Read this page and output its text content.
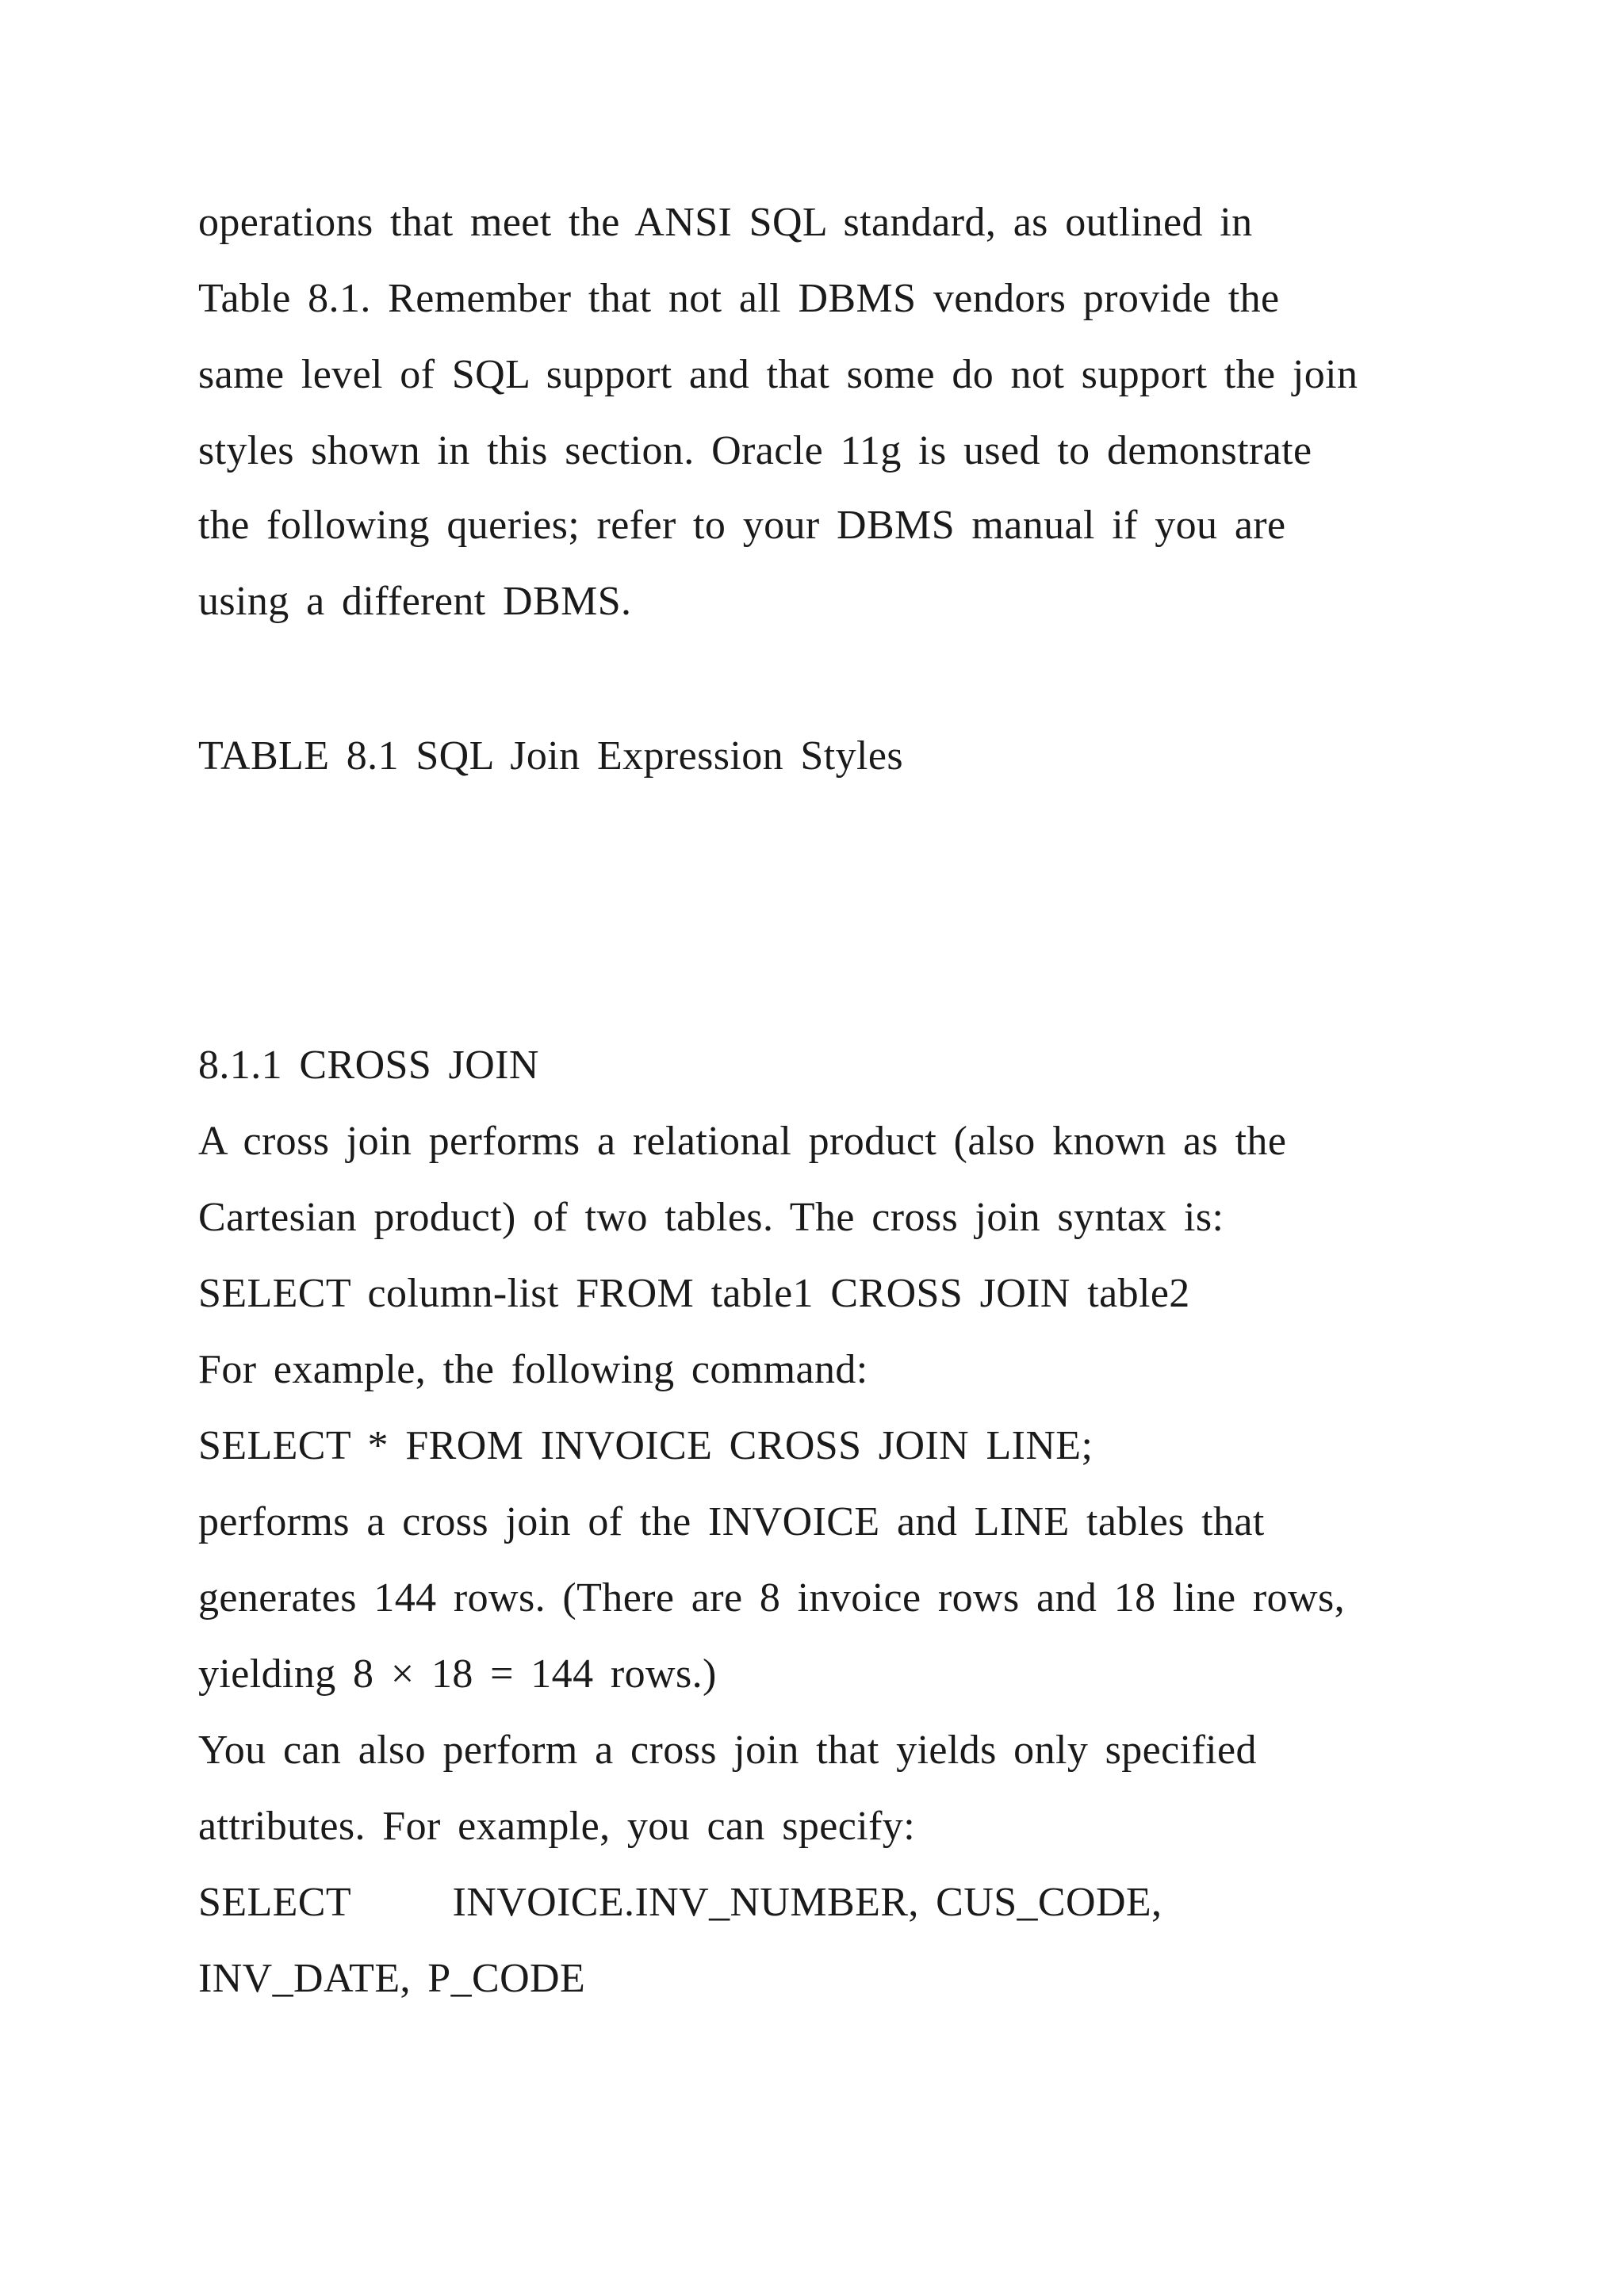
operations that meet the ANSI SQL standard, as outlined in
Table 8.1. Remember that not all DBMS vendors provide the
same level of SQL support and that some do not support the join
styles shown in this section. Oracle 11g is used to demonstrate
the following queries; refer to your DBMS manual if you are
using a different DBMS.
TABLE 8.1 SQL Join Expression Styles
8.1.1 CROSS JOIN
A cross join performs a relational product (also known as the
Cartesian product) of two tables. The cross join syntax is:
SELECT column-list FROM table1 CROSS JOIN table2
For example, the following command:
SELECT * FROM INVOICE CROSS JOIN LINE;
performs a cross join of the INVOICE and LINE tables that
generates 144 rows. (There are 8 invoice rows and 18 line rows,
yielding 8 × 18 = 144 rows.)
You can also perform a cross join that yields only specified
attributes. For example, you can specify:
SELECT      INVOICE.INV_NUMBER, CUS_CODE,
INV_DATE, P_CODE
